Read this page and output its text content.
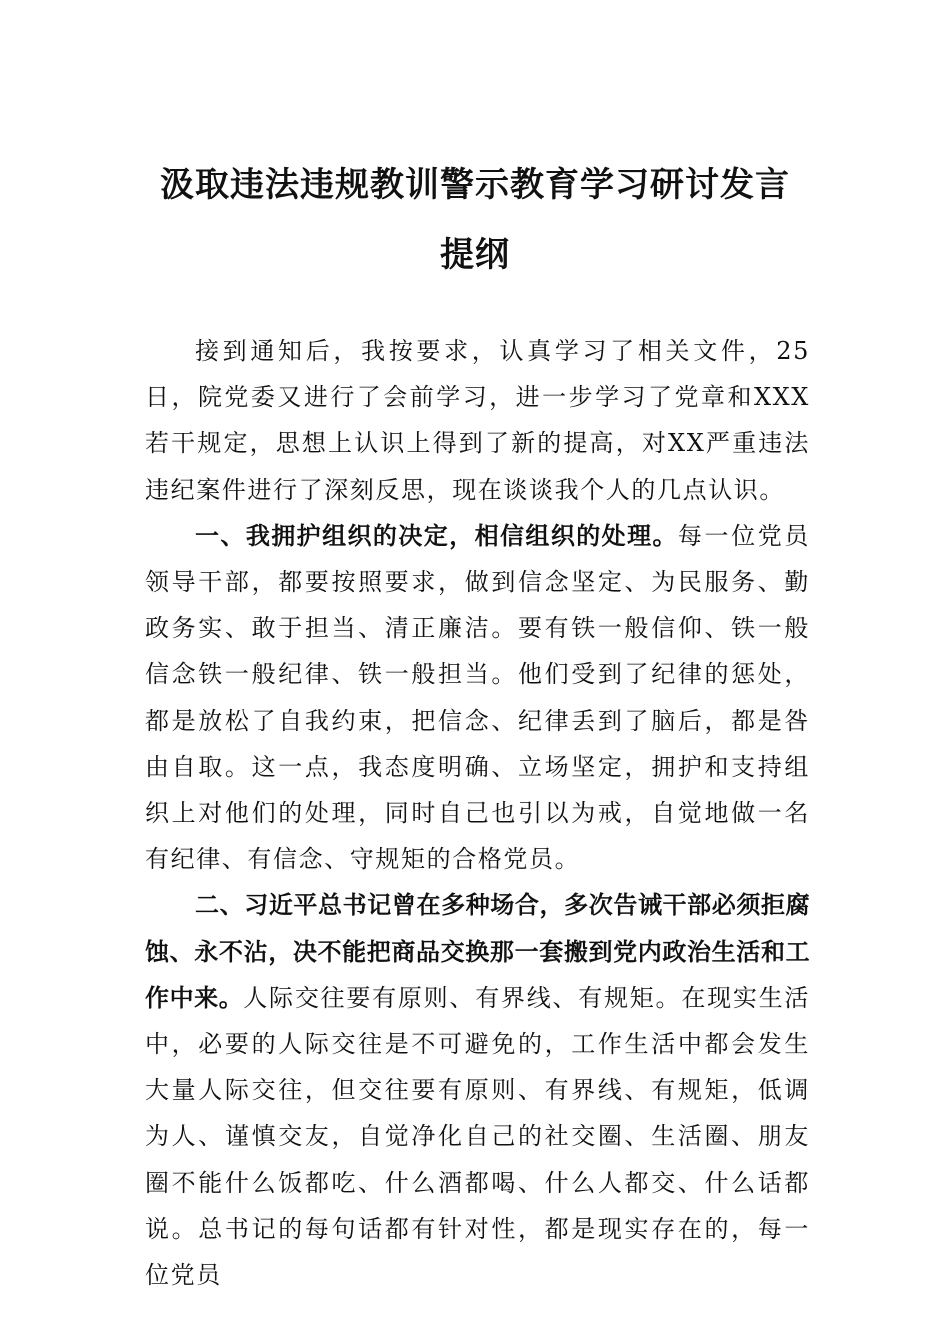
汲取违法违规教训警示教育学习研讨发言
提纲

接到通知后，我按要求，认真学习了相关文件，25日，院党委又进行了会前学习，进一步学习了党章和XXX若干规定，思想上认识上得到了新的提高，对XX严重违法违纪案件进行了深刻反思，现在谈谈我个人的几点认识。

一、我拥护组织的决定，相信组织的处理。每一位党员领导干部，都要按照要求，做到信念坚定、为民服务、勤政务实、敢于担当、清正廉洁。要有铁一般信仰、铁一般信念铁一般纪律、铁一般担当。他们受到了纪律的惩处，都是放松了自我约束，把信念、纪律丢到了脑后，都是咎由自取。这一点，我态度明确、立场坚定，拥护和支持组织上对他们的处理，同时自己也引以为戒，自觉地做一名有纪律、有信念、守规矩的合格党员。

二、习近平总书记曾在多种场合，多次告诫干部必须拒腐蚀、永不沾，决不能把商品交换那一套搬到党内政治生活和工作中来。人际交往要有原则、有界线、有规矩。在现实生活中，必要的人际交往是不可避免的，工作生活中都会发生大量人际交往，但交往要有原则、有界线、有规矩，低调为人、谨慎交友，自觉净化自己的社交圈、生活圈、朋友圈不能什么饭都吃、什么酒都喝、什么人都交、什么话都说。总书记的每句话都有针对性，都是现实存在的，每一位党员
